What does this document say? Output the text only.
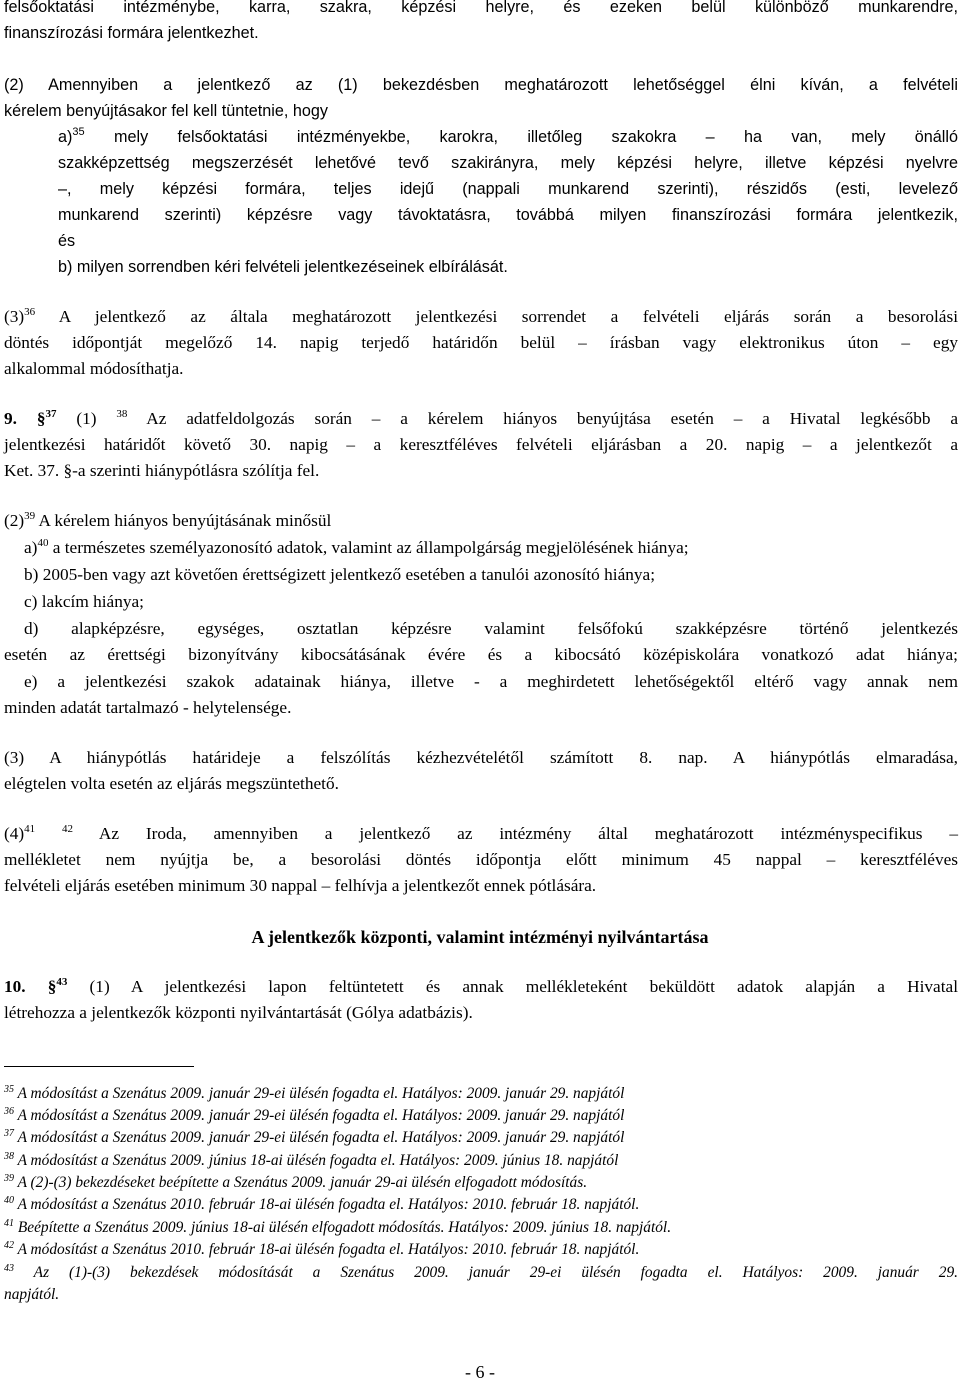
felsőoktatási intézménybe, karra, szakra, képzési helyre, és ezeken belül különböző munkarendre,
finanszírozási formára jelentkezhet.
(2) Amennyiben a jelentkező az (1) bekezdésben meghatározott lehetőséggel élni kíván, a felvételi
kérelem benyújtásakor fel kell tüntetnie, hogy
a)$^{35}$ mely felsőoktatási intézményekbe, karokra, illetőleg szakokra ‒ ha van, mely önálló
szakképzettség megszerzését lehetővé tevő szakirányra, mely képzési helyre, illetve képzési nyelvre
‒, mely képzési formára, teljes idejű (nappali munkarend szerinti), részidős (esti, levelező
munkarend szerinti) képzésre vagy távoktatásra, továbbá milyen finanszírozási formára jelentkezik,
és
b) milyen sorrendben kéri felvételi jelentkezéseinek elbírálását.
$(3)^{36}$ A jelentkező az általa meghatározott jelentkezési sorrendet a felvételi eljárás során a besorolási
döntés időpontját megelőző 14. napig terjedő határidőn belül ‒ írásban vagy elektronikus úton ‒ egy
alkalommal módosíthatja.
9. §$^{37}$ (1) $^{38}$ Az adatfeldolgozás során ‒ a kérelem hiányos benyújtása esetén ‒ a Hivatal legkésőbb a
jelentkezési határidőt követő 30. napig ‒ a keresztféléves felvételi eljárásban a 20. napig ‒ a jelentkezőt a
Ket. 37. §-a szerinti hiánypótlásra szólítja fel.
$(2)^{39}$ A kérelem hiányos benyújtásának minősül
a)$^{40}$ a természetes személyazonosító adatok, valamint az állampolgárság megjelölésének hiánya;
b) 2005-ben vagy azt követően érettségizett jelentkező esetében a tanulói azonosító hiánya;
c) lakcím hiánya;
d) alapképzésre, egységes, osztatlan képzésre valamint felsőfokú szakképzésre történő jelentkezés
esetén az érettségi bizonyítvány kibocsátásának évére és a kibocsátó középiskolára vonatkozó adat hiánya;
e) a jelentkezési szakok adatainak hiánya, illetve - a meghirdetett lehetőségektől eltérő vagy annak nem
minden adatát tartalmazó - helytelensége.
(3) A hiánypótlás határideje a felszólítás kézhezvételétől számított 8. nap. A hiánypótlás elmaradása,
elégtelen volta esetén az eljárás megszüntethető.
$(4)^{41}$ $^{42}$ Az Iroda, amennyiben a jelentkező az intézmény által meghatározott intézményspecifikus ‒
mellékletet nem nyújtja be, a besorolási döntés időpontja előtt minimum 45 nappal ‒ keresztféléves
felvételi eljárás esetében minimum 30 nappal ‒ felhívja a jelentkezőt ennek pótlására.
A jelentkezők központi, valamint intézményi nyilvántartása
10. §$^{43}$ (1) A jelentkezési lapon feltüntetett és annak mellékleteként beküldött adatok alapján a Hivatal
létrehozza a jelentkezők központi nyilvántartását (Gólya adatbázis).
$^{35}$ A módosítást a Szenátus 2009. január 29-ei ülésén fogadta el. Hatályos: 2009. január 29. napjától
$^{36}$ A módosítást a Szenátus 2009. január 29-ei ülésén fogadta el. Hatályos: 2009. január 29. napjától
$^{37}$ A módosítást a Szenátus 2009. január 29-ei ülésén fogadta el. Hatályos: 2009. január 29. napjától
$^{38}$ A módosítást a Szenátus 2009. június 18-ai ülésén fogadta el. Hatályos: 2009. június 18. napjától
$^{39}$ A (2)-(3) bekezdéseket beépítette a Szenátus 2009. január 29-ai ülésén elfogadott módosítás.
$^{40}$ A módosítást a Szenátus 2010. február 18-ai ülésén fogadta el. Hatályos: 2010. február 18. napjától.
$^{41}$ Beépítette a Szenátus 2009. június 18-ai ülésén elfogadott módosítás. Hatályos: 2009. június 18. napjától.
$^{42}$ A módosítást a Szenátus 2010. február 18-ai ülésén fogadta el. Hatályos: 2010. február 18. napjától.
$^{43}$ Az (1)-(3) bekezdések módosítását a Szenátus 2009. január 29-ei ülésén fogadta el. Hatályos: 2009. január 29.
napjától.
- 6 -
